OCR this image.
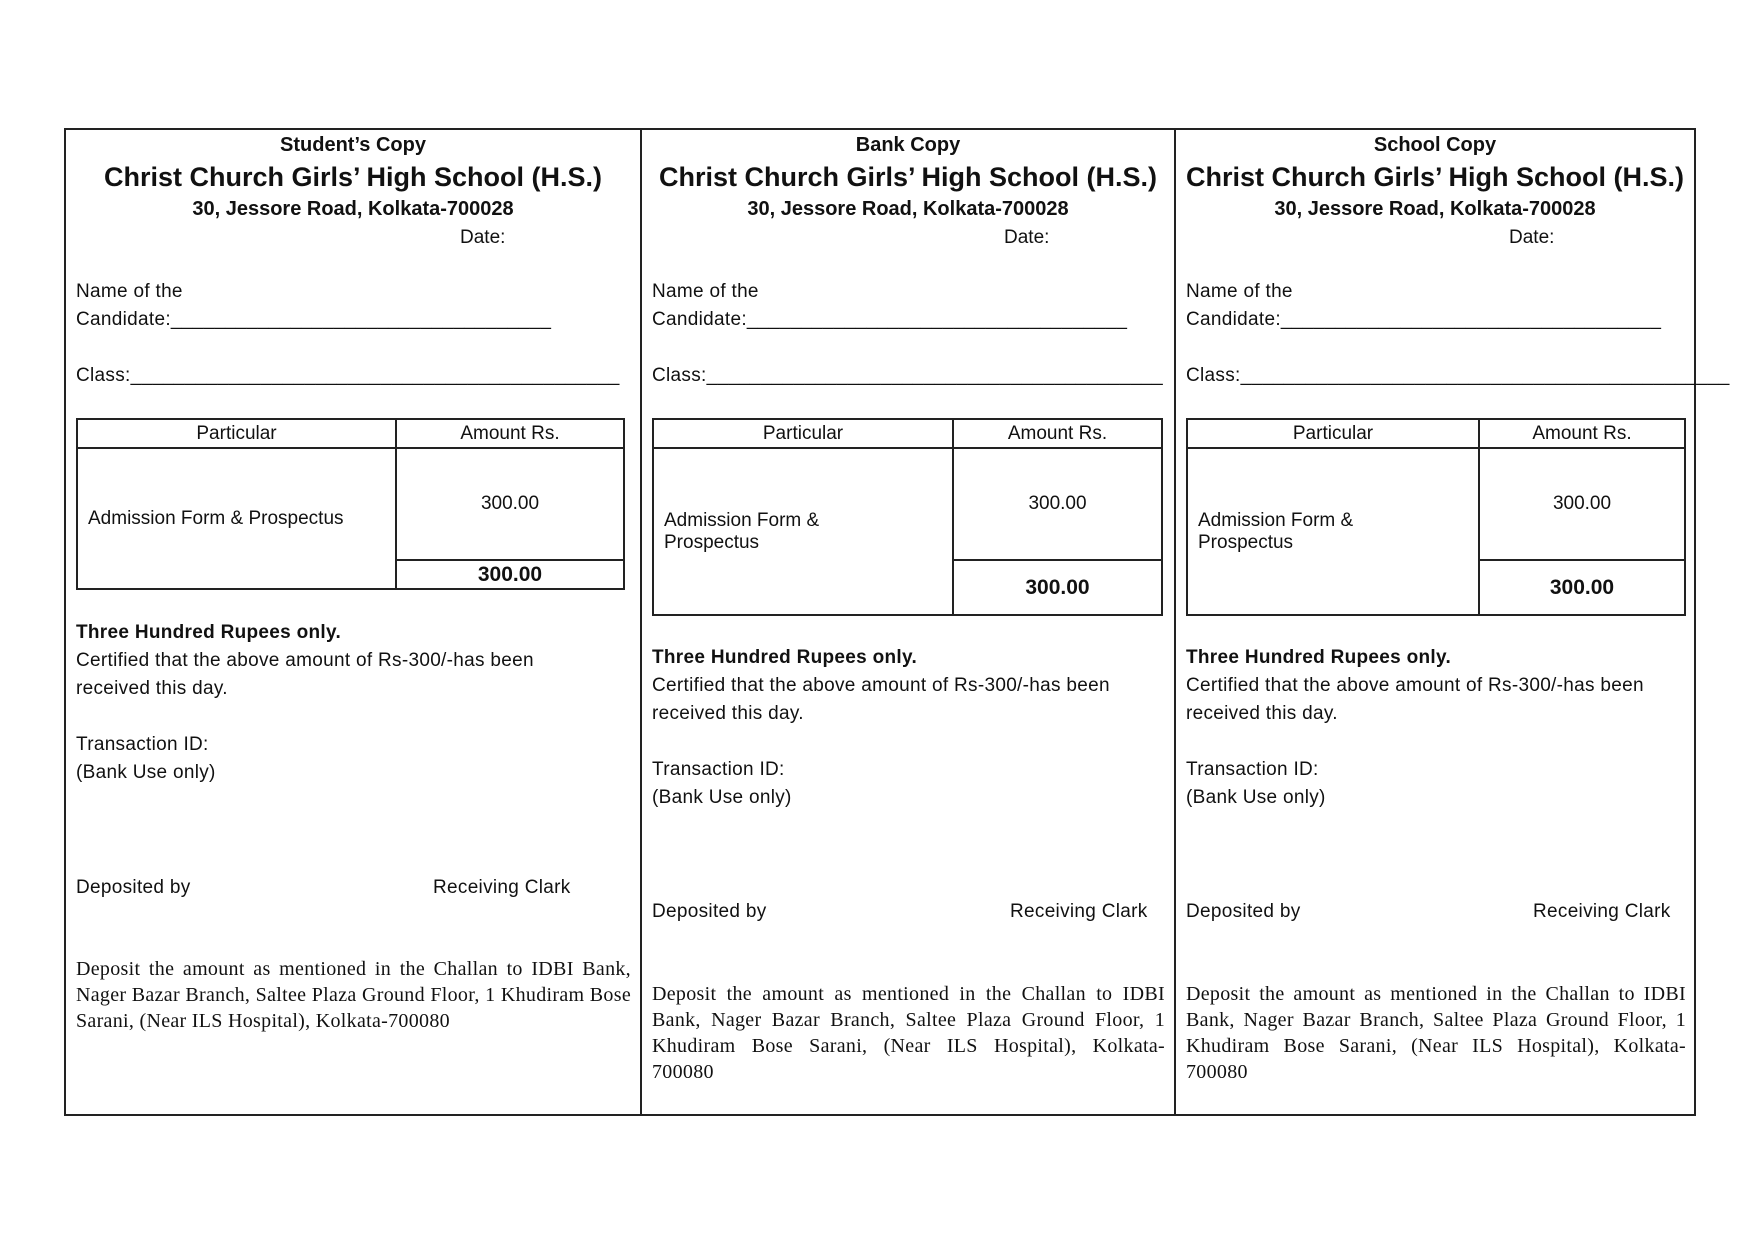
Student’s Copy
Christ Church Girls’ High School (H.S.)
30, Jessore Road, Kolkata-700028
Date:
Name of the
Candidate:___________________________________
Class:_____________________________________________
Particular	Amount Rs.

Admission Form & Prospectus	300.00
	300.00
Three Hundred Rupees only.
Certified that the above amount of Rs-300/-has been
received this day.
Transaction ID:
(Bank Use only)
Deposited by	Receiving Clark
Deposit the amount as mentioned in the Challan to IDBI Bank, Nager Bazar Branch, Saltee Plaza Ground Floor, 1 Khudiram Bose Sarani, (Near ILS Hospital), Kolkata-700080
Bank Copy
Christ Church Girls’ High School (H.S.)
30, Jessore Road, Kolkata-700028
Date:
Name of the
Candidate:___________________________________
Class:__________________________________________
Particular	Amount Rs.

Admission Form &
Prospectus	300.00
	300.00
Three Hundred Rupees only.
Certified that the above amount of Rs-300/-has been
received this day.
Transaction ID:
(Bank Use only)
Deposited by	Receiving Clark
Deposit the amount as mentioned in the Challan to IDBI Bank, Nager Bazar Branch, Saltee Plaza Ground Floor, 1 Khudiram Bose Sarani, (Near ILS Hospital), Kolkata- 700080
School Copy
Christ Church Girls’ High School (H.S.)
30, Jessore Road, Kolkata-700028
Date:
Name of the
Candidate:___________________________________
Class:_____________________________________________
Particular	Amount Rs.

Admission Form &
Prospectus	300.00
	300.00
Three Hundred Rupees only.
Certified that the above amount of Rs-300/-has been
received this day.
Transaction ID:
(Bank Use only)
Deposited by	Receiving Clark
Deposit the amount as mentioned in the Challan to IDBI Bank, Nager Bazar Branch, Saltee Plaza Ground Floor, 1 Khudiram Bose Sarani, (Near ILS Hospital), Kolkata- 700080
